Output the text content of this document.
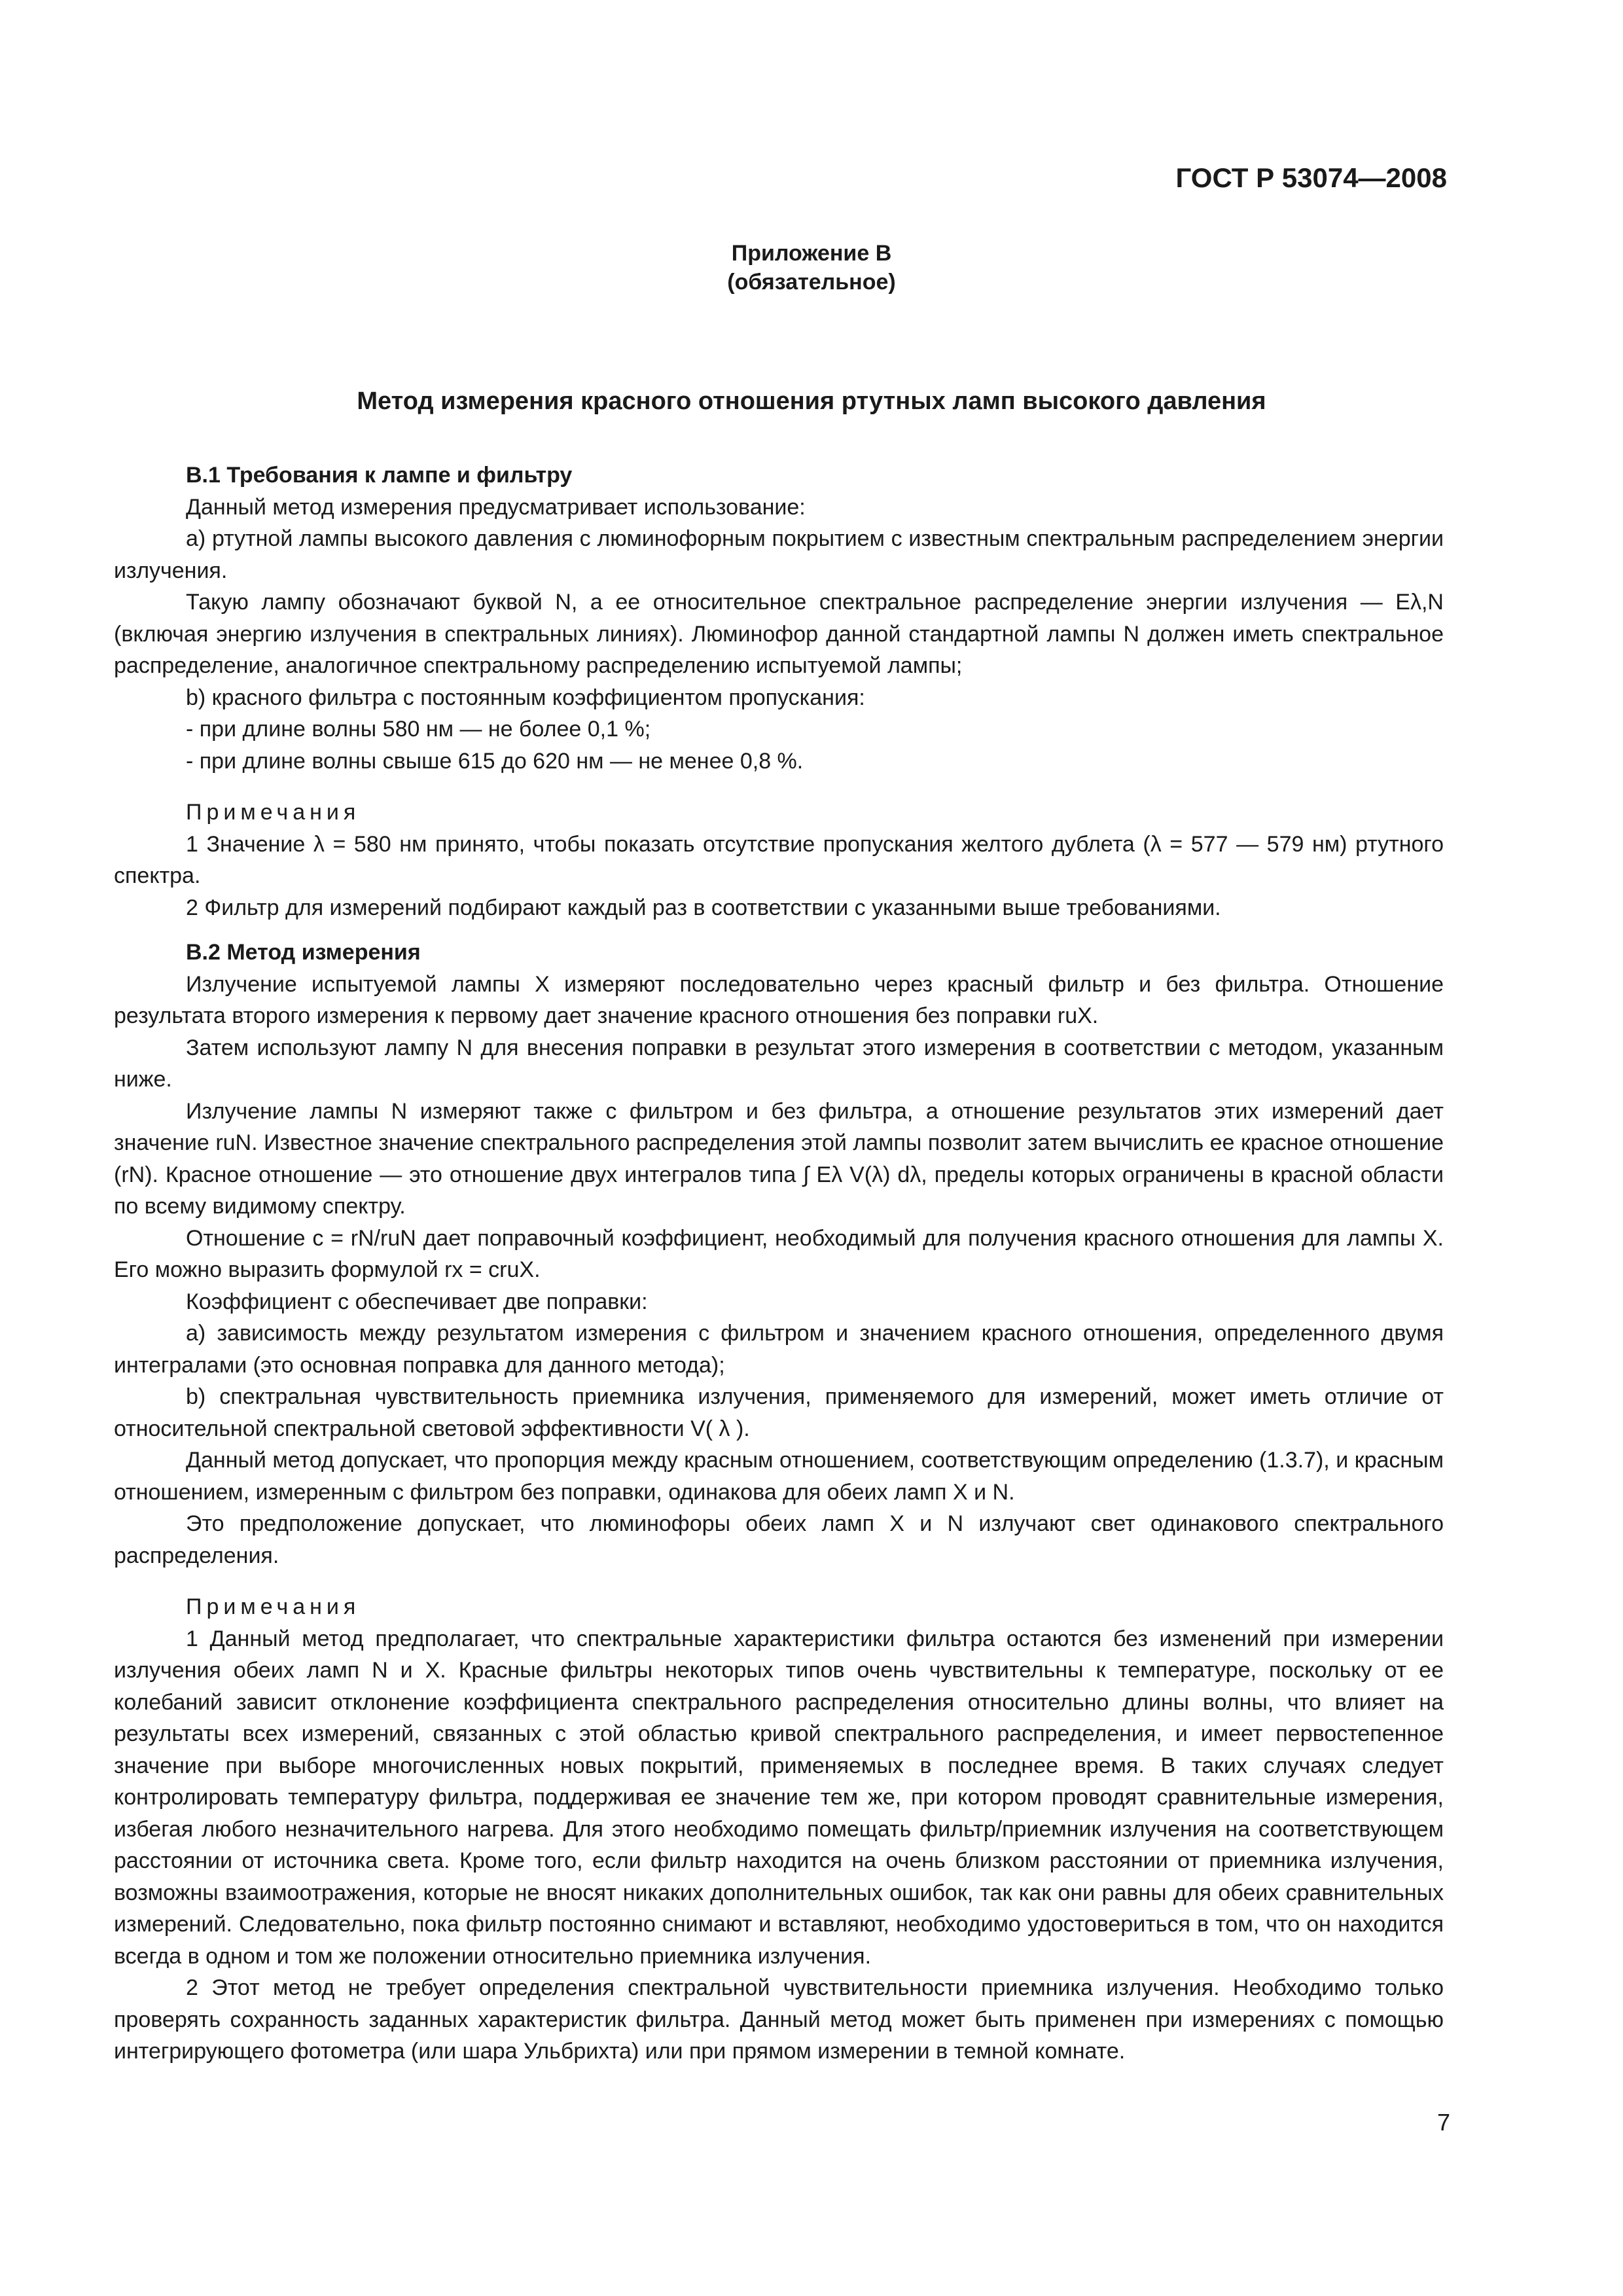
ГОСТ Р 53074—2008
Приложение В
(обязательное)
Метод измерения красного отношения ртутных ламп высокого давления

В.1 Требования к лампе и фильтру

Данный метод измерения предусматривает использование:

а) ртутной лампы высокого давления с люминофорным покрытием с известным спектральным распределением энергии излучения.

Такую лампу обозначают буквой N, а ее относительное спектральное распределение энергии излучения — Eλ,N (включая энергию излучения в спектральных линиях). Люминофор данной стандартной лампы N должен иметь спектральное распределение, аналогичное спектральному распределению испытуемой лампы;

b) красного фильтра с постоянным коэффициентом пропускания:

- при длине волны 580 нм — не более 0,1 %;

- при длине волны свыше 615 до 620 нм — не менее 0,8 %.

Примечания

1 Значение λ = 580 нм принято, чтобы показать отсутствие пропускания желтого дублета (λ = 577 — 579 нм) ртутного спектра.

2 Фильтр для измерений подбирают каждый раз в соответствии с указанными выше требованиями.

В.2 Метод измерения

Излучение испытуемой лампы X измеряют последовательно через красный фильтр и без фильтра. Отношение результата второго измерения к первому дает значение красного отношения без поправки ruX.

Затем используют лампу N для внесения поправки в результат этого измерения в соответствии с методом, указанным ниже.

Излучение лампы N измеряют также с фильтром и без фильтра, а отношение результатов этих измерений дает значение ruN. Известное значение спектрального распределения этой лампы позволит затем вычислить ее красное отношение (rN). Красное отношение — это отношение двух интегралов типа ∫ Eλ V(λ) dλ, пределы которых ограничены в красной области по всему видимому спектру.

Отношение c = rN/ruN дает поправочный коэффициент, необходимый для получения красного отношения для лампы X. Его можно выразить формулой rx = cruX.

Коэффициент c обеспечивает две поправки:

а) зависимость между результатом измерения с фильтром и значением красного отношения, определенного двумя интегралами (это основная поправка для данного метода);

b) спектральная чувствительность приемника излучения, применяемого для измерений, может иметь отличие от относительной спектральной световой эффективности V( λ ).

Данный метод допускает, что пропорция между красным отношением, соответствующим определению (1.3.7), и красным отношением, измеренным с фильтром без поправки, одинакова для обеих ламп X и N.

Это предположение допускает, что люминофоры обеих ламп X и N излучают свет одинакового спектрального распределения.

Примечания

1 Данный метод предполагает, что спектральные характеристики фильтра остаются без изменений при измерении излучения обеих ламп N и X. Красные фильтры некоторых типов очень чувствительны к температуре, поскольку от ее колебаний зависит отклонение коэффициента спектрального распределения относительно длины волны, что влияет на результаты всех измерений, связанных с этой областью кривой спектрального распределения, и имеет первостепенное значение при выборе многочисленных новых покрытий, применяемых в последнее время. В таких случаях следует контролировать температуру фильтра, поддерживая ее значение тем же, при котором проводят сравнительные измерения, избегая любого незначительного нагрева. Для этого необходимо помещать фильтр/приемник излучения на соответствующем расстоянии от источника света. Кроме того, если фильтр находится на очень близком расстоянии от приемника излучения, возможны взаимоотражения, которые не вносят никаких дополнительных ошибок, так как они равны для обеих сравнительных измерений. Следовательно, пока фильтр постоянно снимают и вставляют, необходимо удостовериться в том, что он находится всегда в одном и том же положении относительно приемника излучения.

2 Этот метод не требует определения спектральной чувствительности приемника излучения. Необходимо только проверять сохранность заданных характеристик фильтра. Данный метод может быть применен при измерениях с помощью интегрирующего фотометра (или шара Ульбрихта) или при прямом измерении в темной комнате.

7
